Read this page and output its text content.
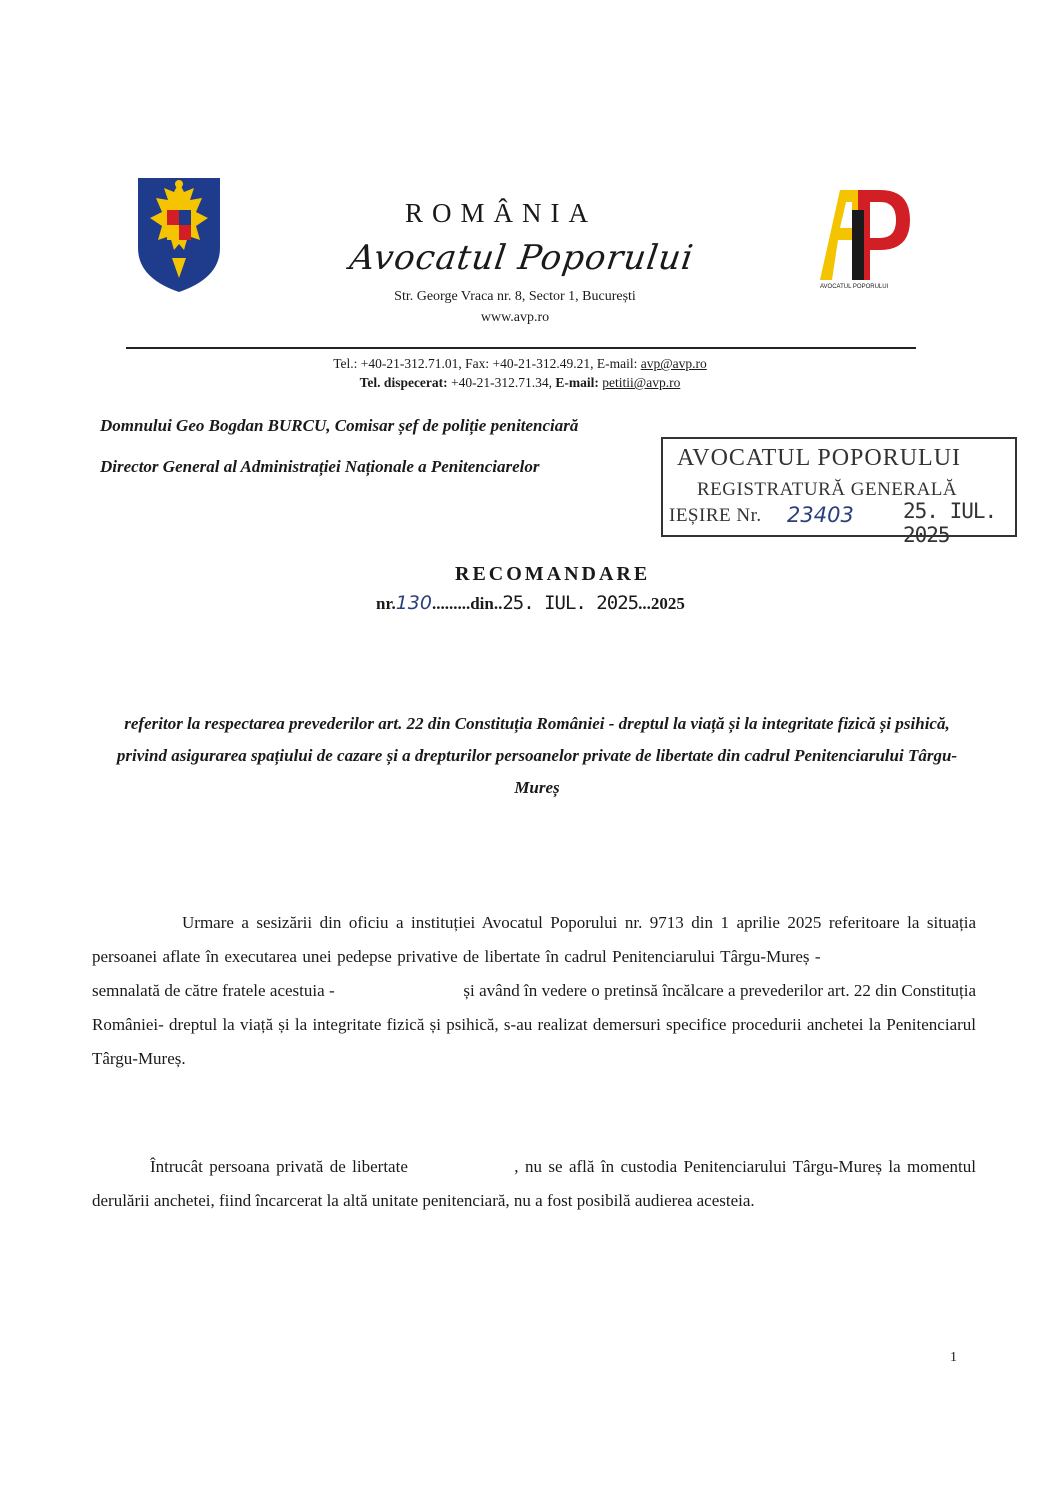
AVOCATUL POPORULUI
ROMÂNIA
Avocatul Poporului
Str. George Vraca nr. 8, Sector 1, București
www.avp.ro
Tel.: +40-21-312.71.01, Fax: +40-21-312.49.21, E-mail: avp@avp.ro
Tel. dispecerat: +40-21-312.71.34, E-mail: petitii@avp.ro
Domnului Geo Bogdan BURCU, Comisar șef de poliție penitenciară
Director General al Administrației Naționale a Penitenciarelor	AVOCATUL POPORULUI
REGISTRATURĂ GENERALĂ
IEȘIRE Nr. 23403 25. IUL. 2025
RECOMANDARE
nr.130.........din..25. IUL. 2025...2025
referitor la respectarea prevederilor art. 22 din Constituția României - dreptul la viață și la integritate fizică și psihică, privind asigurarea spațiului de cazare și a drepturilor persoanelor private de libertate din cadrul Penitenciarului Târgu-Mureș
Urmare a sesizării din oficiu a instituției Avocatul Poporului nr. 9713 din 1 aprilie 2025 referitoare la situația persoanei aflate în executarea unei pedepse privative de libertate în cadrul Penitenciarului Târgu-Mureș -  semnalată de către fratele acestuia -	și având în vedere o pretinsă încălcare a prevederilor art. 22 din Constituția României- dreptul la viață și la integritate fizică și psihică, s-au realizat demersuri specifice procedurii anchetei la Penitenciarul Târgu-Mureș.
Întrucât persoana privată de libertate	, nu se află în custodia Penitenciarului Târgu-Mureș la momentul derulării anchetei, fiind încarcerat la altă unitate penitenciară, nu a fost posibilă audierea acesteia.
1
